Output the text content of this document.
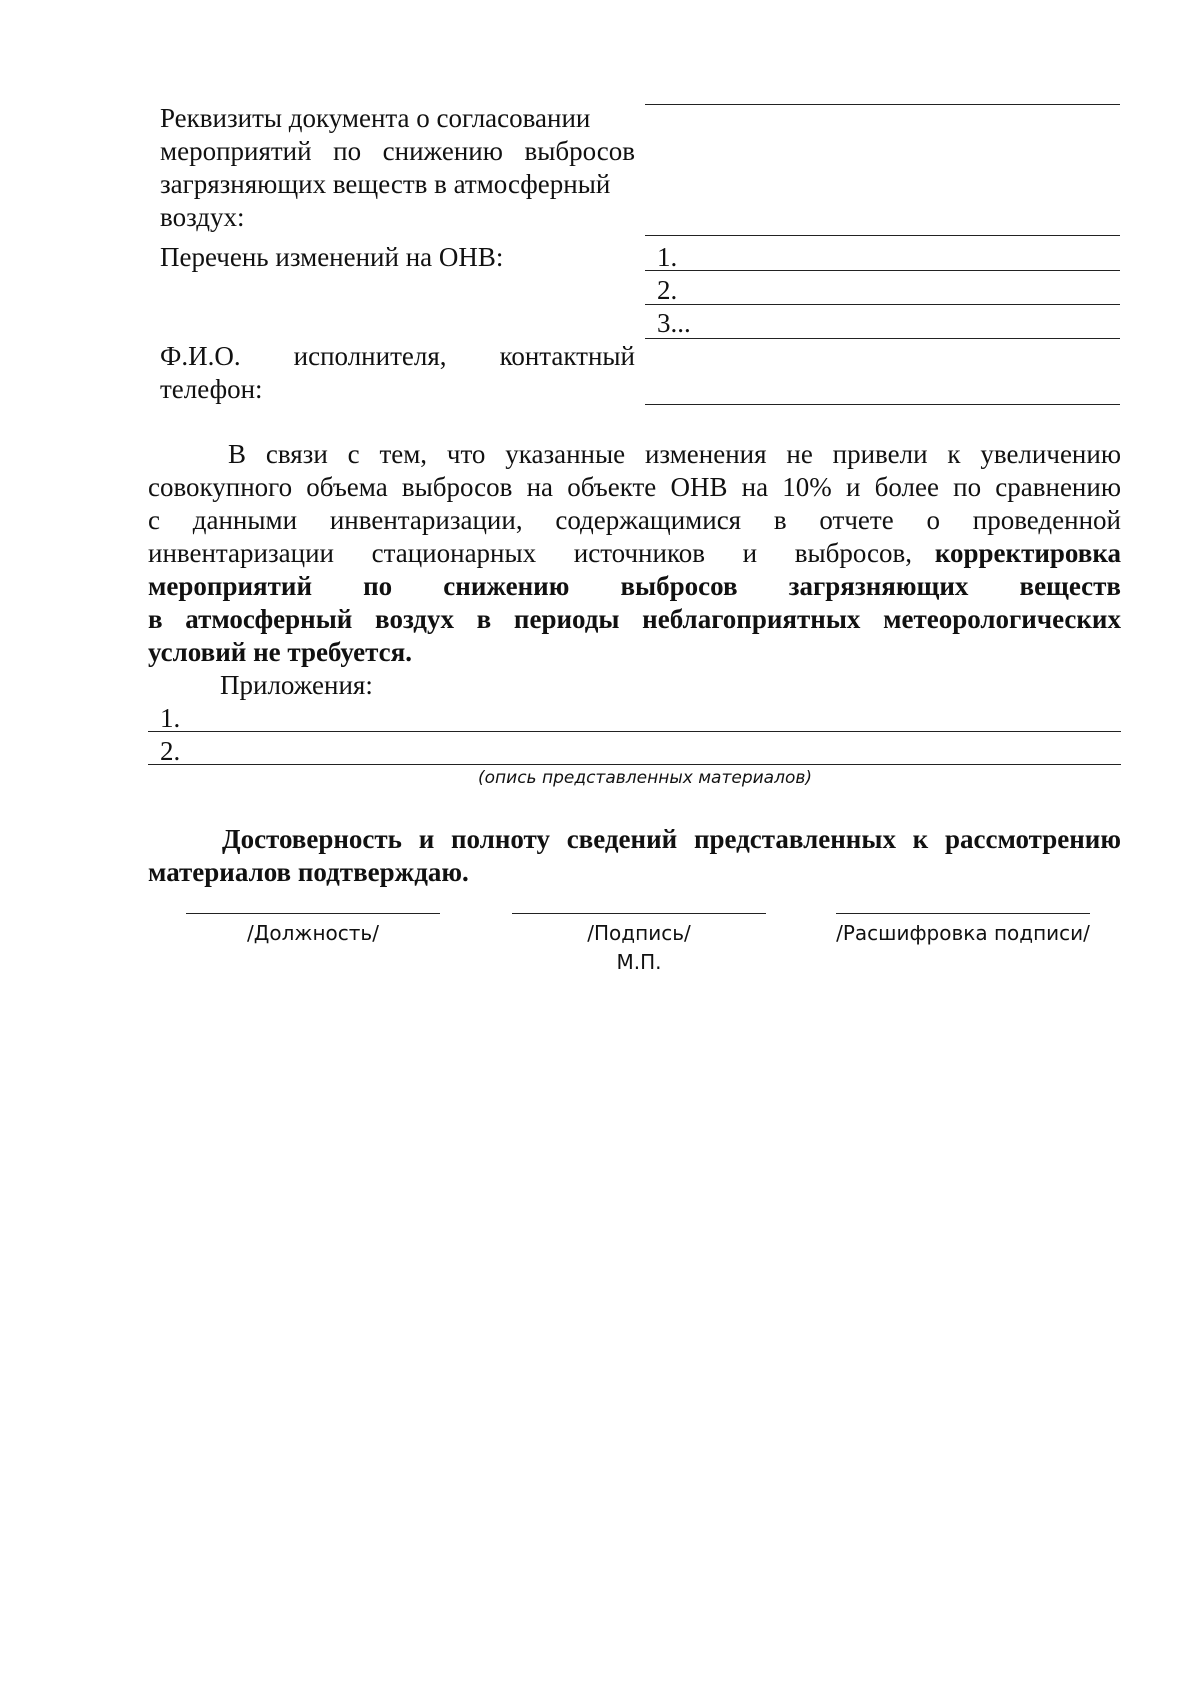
Реквизиты документа о согласовании
мероприятий по снижению выбросов
загрязняющих веществ в атмосферный
воздух:
Перечень изменений на ОНВ:	1.
2.
3...
Ф.И.О. исполнителя, контактный
телефон:
В связи с тем, что указанные изменения не привели к увеличению
совокупного объема выбросов на объекте ОНВ на 10% и более по сравнению
с данными инвентаризации, содержащимися в отчете о проведенной
инвентаризации стационарных источников и выбросов, корректировка
мероприятий по снижению выбросов загрязняющих веществ
в атмосферный воздух в периоды неблагоприятных метеорологических
условий не требуется.
Приложения:
1.
2.
(опись представленных материалов)
Достоверность и полноту сведений представленных к рассмотрению
материалов подтверждаю.
/Должность/	/Подпись/
М.П.
/Расшифровка подписи/
